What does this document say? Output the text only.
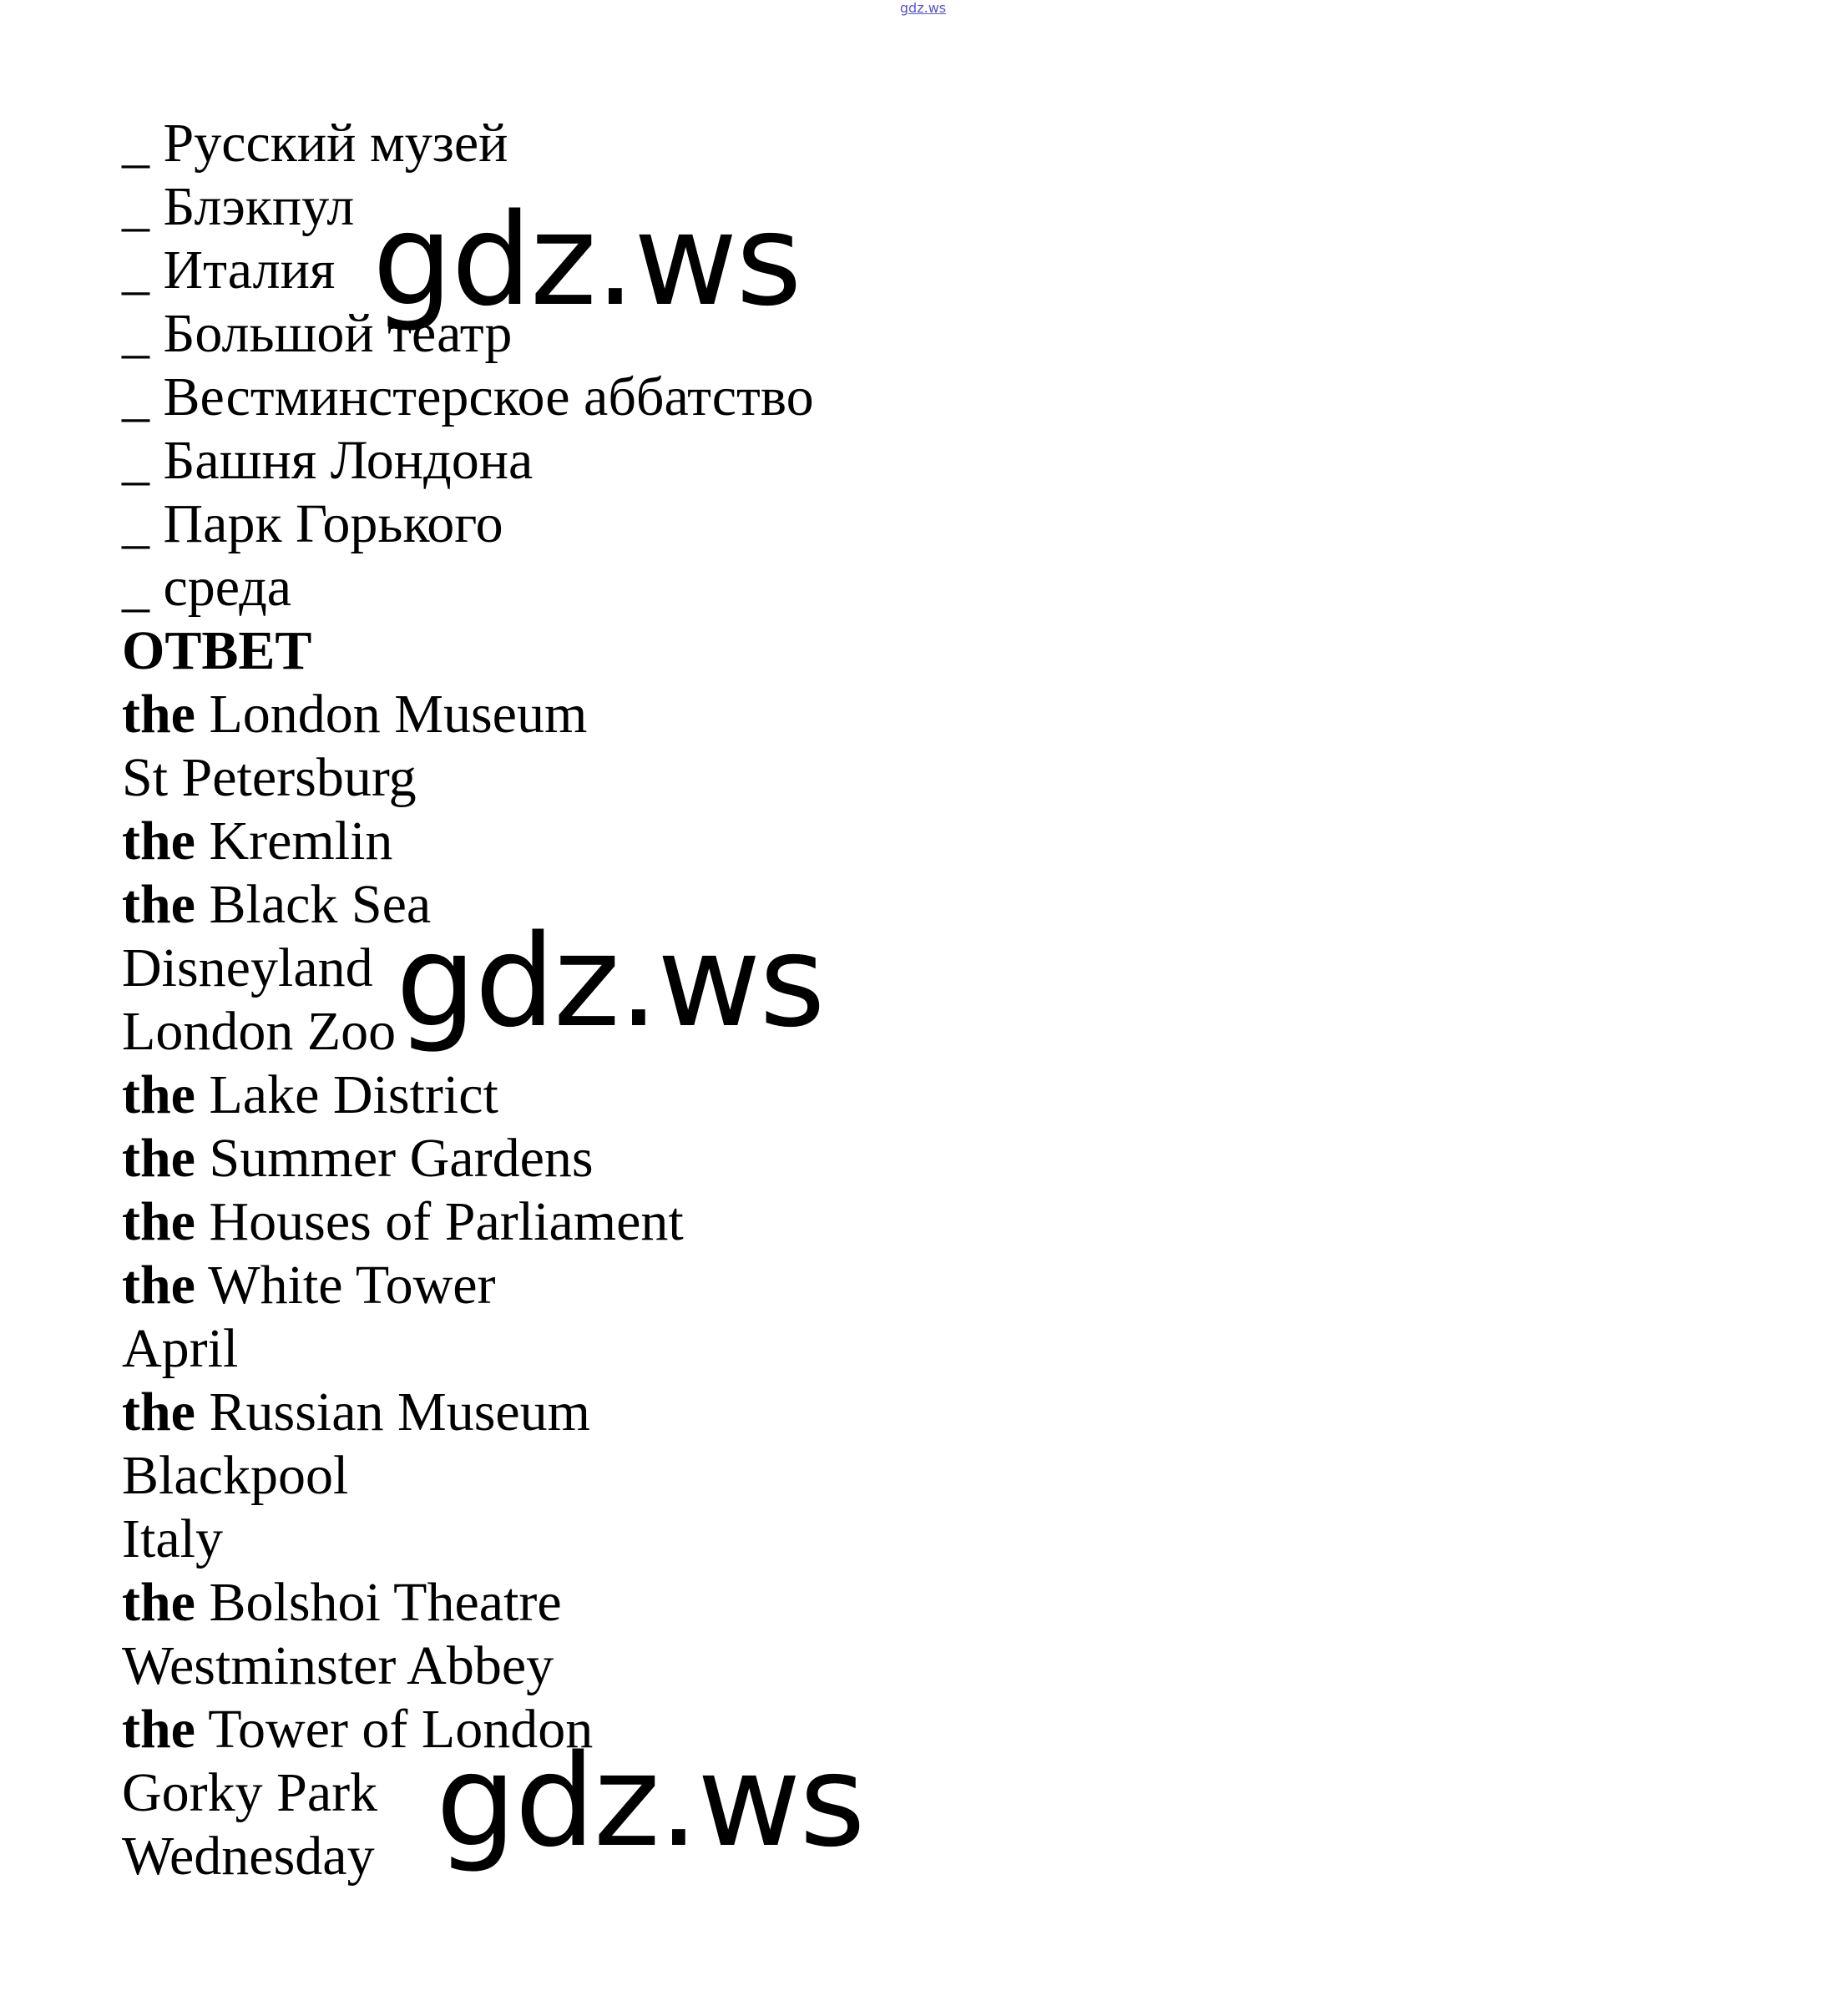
gdz.ws
_ Русский музей
_ Блэкпул
_ Италия
_ Большой театр
_ Вестминстерское аббатство
_ Башня Лондона
_ Парк Горького
_ среда
ОТВЕТ
the London Museum
St Petersburg
the Kremlin
the Black Sea
Disneyland
London Zoo
the Lake District
the Summer Gardens
the Houses of Parliament
the White Tower
April
the Russian Museum
Blackpool
Italy
the Bolshoi Theatre
Westminster Abbey
the Tower of London
Gorky Park
Wednesday
gdz.ws
gdz.ws
gdz.ws
